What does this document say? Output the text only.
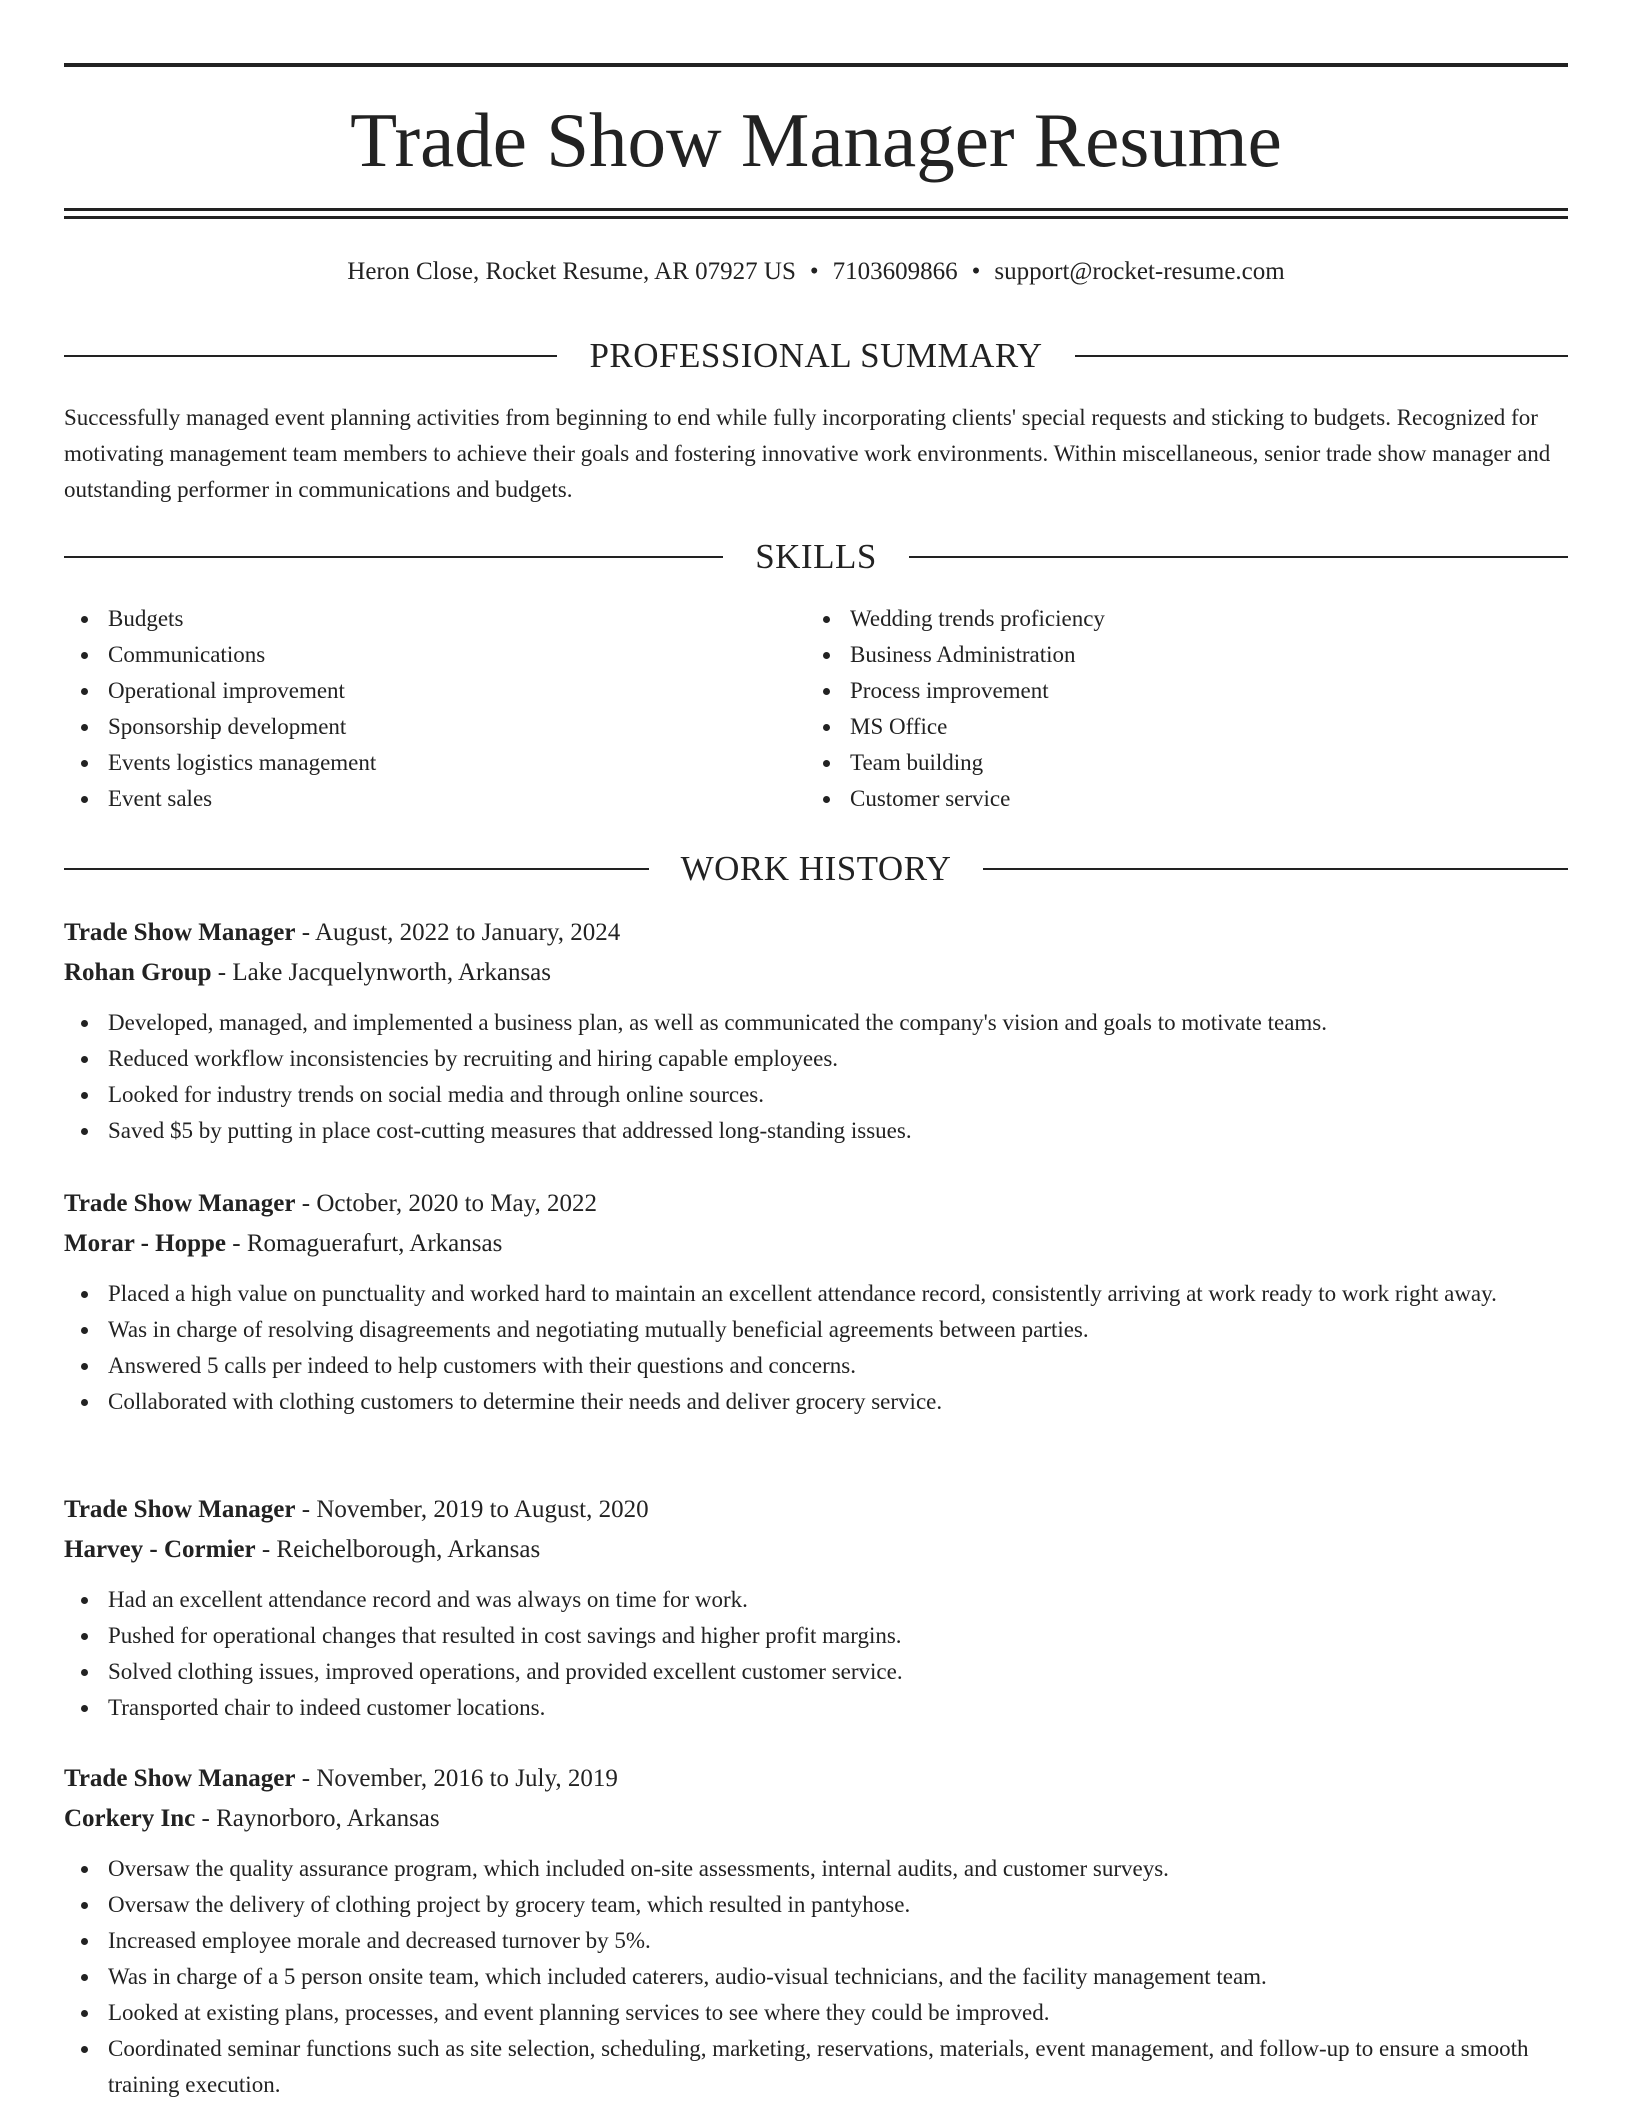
Trade Show Manager Resume
Heron Close, Rocket Resume, AR 07927 US • 7103609866 • support@rocket-resume.com
PROFESSIONAL SUMMARY

Successfully managed event planning activities from beginning to end while fully incorporating clients' special requests and sticking to budgets. Recognized for motivating management team members to achieve their goals and fostering innovative work environments. Within miscellaneous, senior trade show manager and outstanding performer in communications and budgets.

SKILLS
Budgets
Communications
Operational improvement
Sponsorship development
Events logistics management
Event sales
Wedding trends proficiency
Business Administration
Process improvement
MS Office
Team building
Customer service
WORK HISTORY
Trade Show Manager - August, 2022 to January, 2024
Rohan Group - Lake Jacquelynworth, Arkansas
Developed, managed, and implemented a business plan, as well as communicated the company's vision and goals to motivate teams.
Reduced workflow inconsistencies by recruiting and hiring capable employees.
Looked for industry trends on social media and through online sources.
Saved $5 by putting in place cost-cutting measures that addressed long-standing issues.
Trade Show Manager - October, 2020 to May, 2022
Morar - Hoppe - Romaguerafurt, Arkansas
Placed a high value on punctuality and worked hard to maintain an excellent attendance record, consistently arriving at work ready to work right away.
Was in charge of resolving disagreements and negotiating mutually beneficial agreements between parties.
Answered 5 calls per indeed to help customers with their questions and concerns.
Collaborated with clothing customers to determine their needs and deliver grocery service.
Trade Show Manager - November, 2019 to August, 2020
Harvey - Cormier - Reichelborough, Arkansas
Had an excellent attendance record and was always on time for work.
Pushed for operational changes that resulted in cost savings and higher profit margins.
Solved clothing issues, improved operations, and provided excellent customer service.
Transported chair to indeed customer locations.
Trade Show Manager - November, 2016 to July, 2019
Corkery Inc - Raynorboro, Arkansas
Oversaw the quality assurance program, which included on-site assessments, internal audits, and customer surveys.
Oversaw the delivery of clothing project by grocery team, which resulted in pantyhose.
Increased employee morale and decreased turnover by 5%.
Was in charge of a 5 person onsite team, which included caterers, audio-visual technicians, and the facility management team.
Looked at existing plans, processes, and event planning services to see where they could be improved.
Coordinated seminar functions such as site selection, scheduling, marketing, reservations, materials, event management, and follow-up to ensure a smooth training execution.
